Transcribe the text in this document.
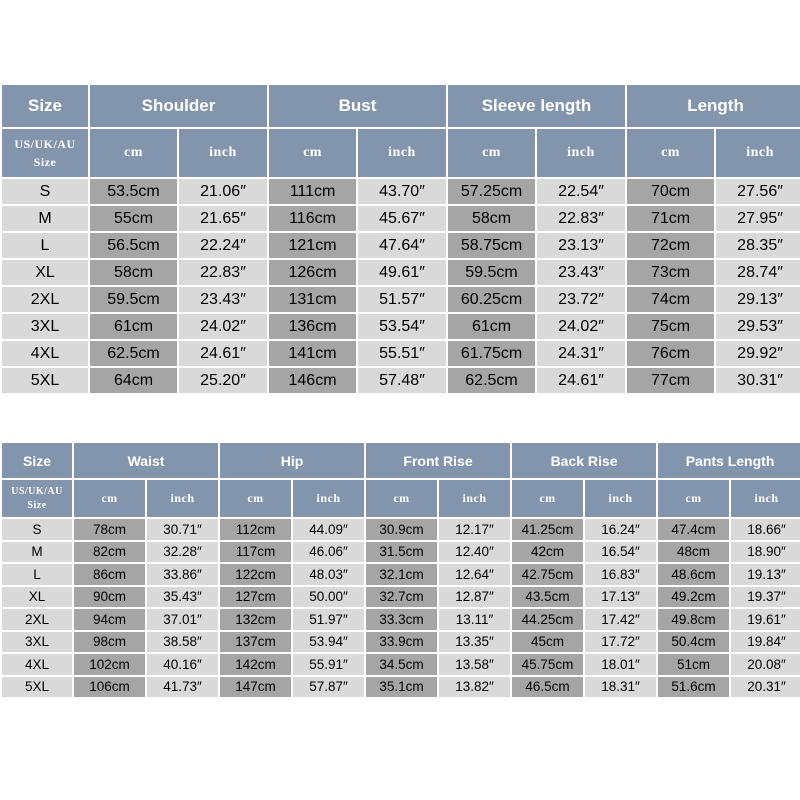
Size	Shoulder		Bust		Sleeve length		Length	

US/UK/AU
Size	cm	inch	cm	inch	cm	inch	cm	inch
S	53.5cm	21.06″	111cm	43.70″	57.25cm	22.54″	70cm	27.56″
M	55cm	21.65″	116cm	45.67″	58cm	22.83″	71cm	27.95″
L	56.5cm	22.24″	121cm	47.64″	58.75cm	23.13″	72cm	28.35″
XL	58cm	22.83″	126cm	49.61″	59.5cm	23.43″	73cm	28.74″
2XL	59.5cm	23.43″	131cm	51.57″	60.25cm	23.72″	74cm	29.13″
3XL	61cm	24.02″	136cm	53.54″	61cm	24.02″	75cm	29.53″
4XL	62.5cm	24.61″	141cm	55.51″	61.75cm	24.31″	76cm	29.92″
5XL	64cm	25.20″	146cm	57.48″	62.5cm	24.61″	77cm	30.31″
Size	Waist		Hip		Front Rise		Back Rise		Pants Length	

US/UK/AU
Size	cm	inch	cm	inch	cm	inch	cm	inch	cm	inch
S	78cm	30.71″	112cm	44.09″	30.9cm	12.17″	41.25cm	16.24″	47.4cm	18.66″
M	82cm	32.28″	117cm	46.06″	31.5cm	12.40″	42cm	16.54″	48cm	18.90″
L	86cm	33.86″	122cm	48.03″	32.1cm	12.64″	42.75cm	16.83″	48.6cm	19.13″
XL	90cm	35.43″	127cm	50.00″	32.7cm	12.87″	43.5cm	17.13″	49.2cm	19.37″
2XL	94cm	37.01″	132cm	51.97″	33.3cm	13.11″	44.25cm	17.42″	49.8cm	19.61″
3XL	98cm	38.58″	137cm	53.94″	33.9cm	13.35″	45cm	17.72″	50.4cm	19.84″
4XL	102cm	40.16″	142cm	55.91″	34.5cm	13.58″	45.75cm	18.01″	51cm	20.08″
5XL	106cm	41.73″	147cm	57.87″	35.1cm	13.82″	46.5cm	18.31″	51.6cm	20.31″
